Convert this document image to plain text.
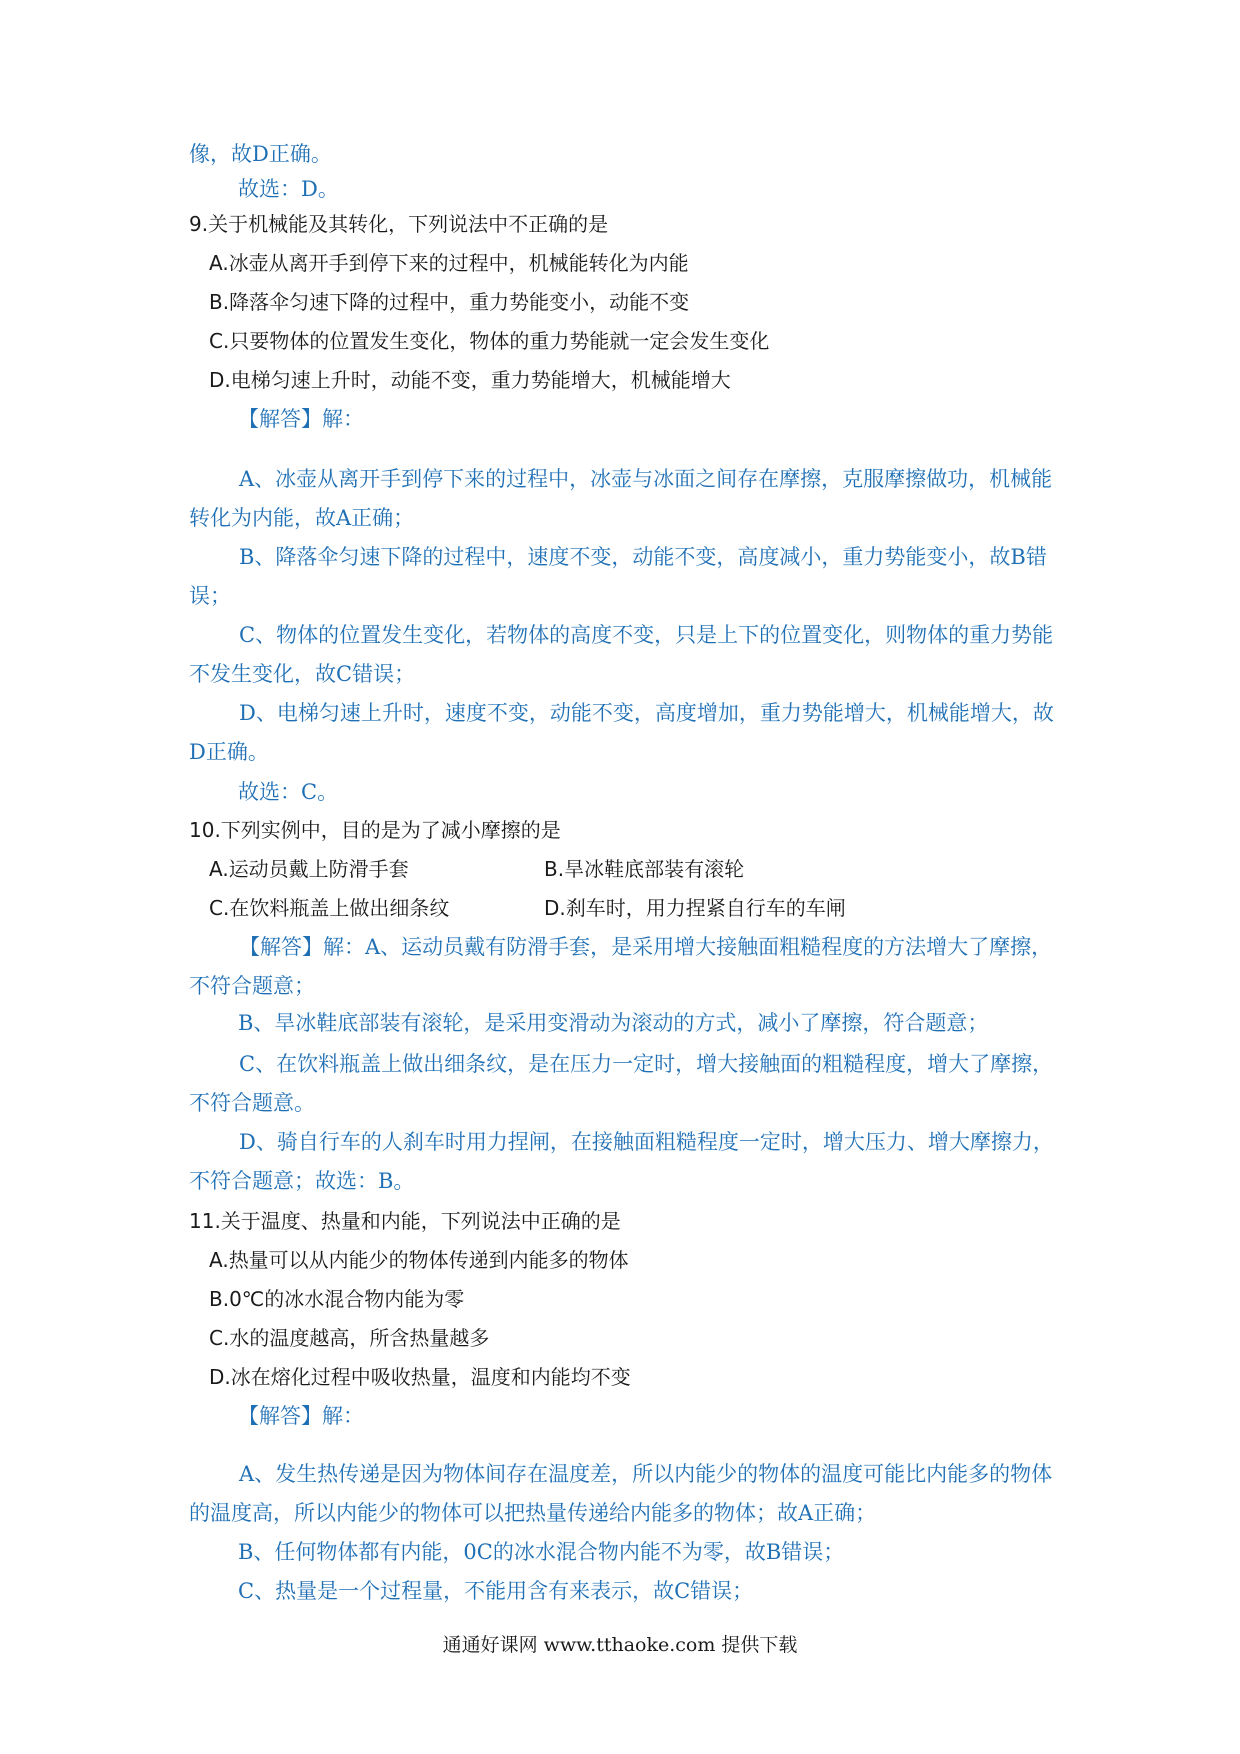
像，故D正确。
故选：D。
9.关于机械能及其转化，下列说法中不正确的是
A.冰壶从离开手到停下来的过程中，机械能转化为内能
B.降落伞匀速下降的过程中，重力势能变小，动能不变
C.只要物体的位置发生变化，物体的重力势能就一定会发生变化
D.电梯匀速上升时，动能不变，重力势能增大，机械能增大
【解答】解：
A、冰壶从离开手到停下来的过程中，冰壶与冰面之间存在摩擦，克服摩擦做功，机械能转化为内能，故A正确；
B、降落伞匀速下降的过程中，速度不变，动能不变，高度减小，重力势能变小，故B错误；
C、物体的位置发生变化，若物体的高度不变，只是上下的位置变化，则物体的重力势能不发生变化，故C错误；
D、电梯匀速上升时，速度不变，动能不变，高度增加，重力势能增大，机械能增大，故D正确。
故选：C。
10.下列实例中，目的是为了减小摩擦的是
A.运动员戴上防滑手套	B.旱冰鞋底部装有滚轮
C.在饮料瓶盖上做出细条纹	D.刹车时，用力捏紧自行车的车闸
【解答】解：A、运动员戴有防滑手套，是采用增大接触面粗糙程度的方法增大了摩擦，不符合题意；
B、旱冰鞋底部装有滚轮，是采用变滑动为滚动的方式，减小了摩擦，符合题意；
C、在饮料瓶盖上做出细条纹，是在压力一定时，增大接触面的粗糙程度，增大了摩擦，不符合题意。
D、骑自行车的人刹车时用力捏闸，在接触面粗糙程度一定时，增大压力、增大摩擦力，不符合题意；故选：B。
11.关于温度、热量和内能，下列说法中正确的是
A.热量可以从内能少的物体传递到内能多的物体
B.0℃的冰水混合物内能为零
C.水的温度越高，所含热量越多
D.冰在熔化过程中吸收热量，温度和内能均不变
【解答】解：
A、发生热传递是因为物体间存在温度差，所以内能少的物体的温度可能比内能多的物体的温度高，所以内能少的物体可以把热量传递给内能多的物体；故A正确；
B、任何物体都有内能，0C的冰水混合物内能不为零，故B错误；
C、热量是一个过程量，不能用含有来表示，故C错误；
通通好课网 www.tthaoke.com 提供下载
